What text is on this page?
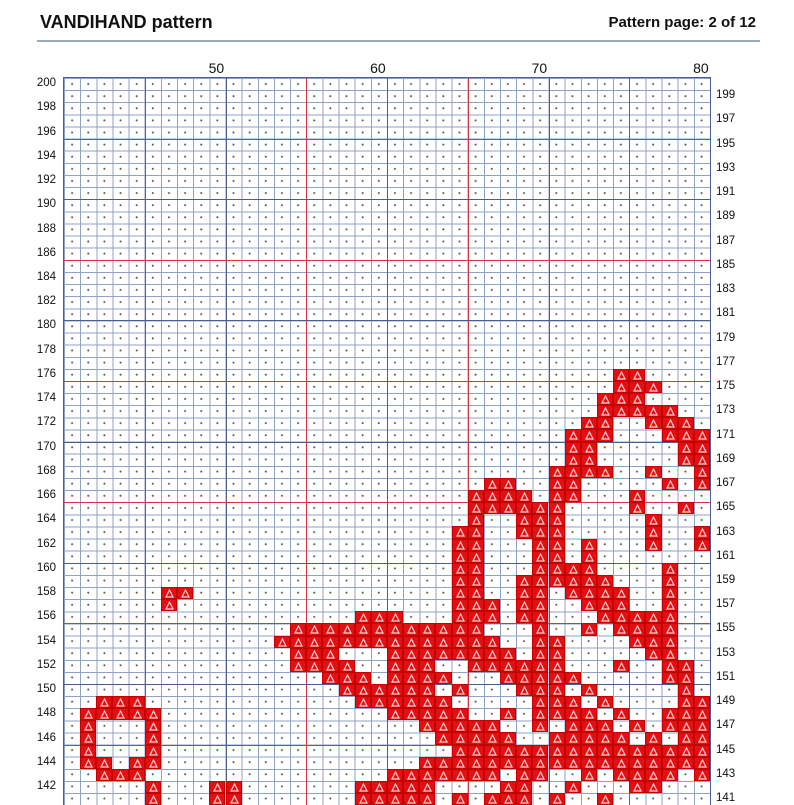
VANDIHAND pattern	Pattern page: 2 of 12
50	60	70	80
200
199
198
197
196
195
194
193
192
191
190
189
188
187
186
185
184
183
182
181
180
179
178
177
176
175
174
173
172
171
170
169
168
167
166
165
164
163
162
161
160
159
158
157
156
155
154
153
152
151
150
149
148
147
146
145
144
143
142
141
